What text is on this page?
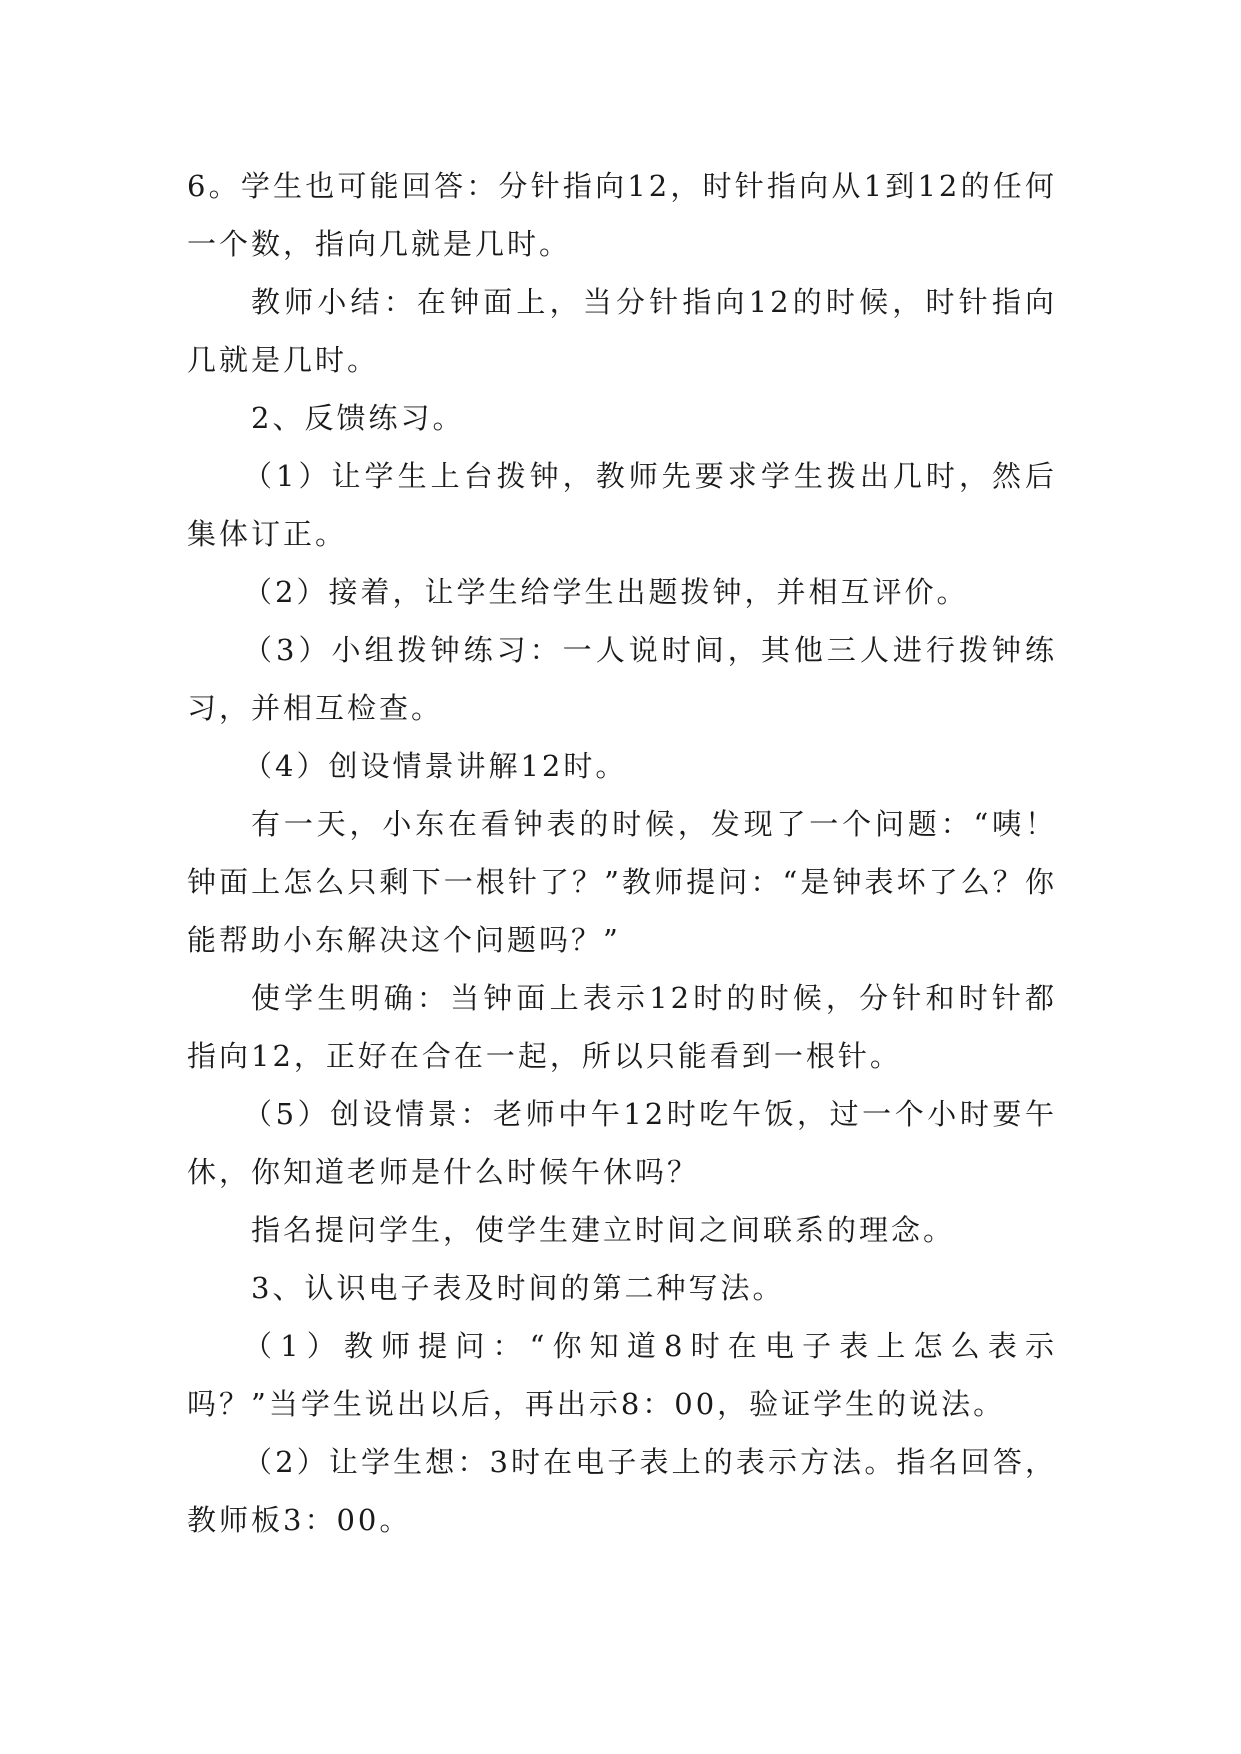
6。学生也可能回答：分针指向12，时针指向从1到12的任何一个数，指向几就是几时。

教师小结：在钟面上，当分针指向12的时候，时针指向几就是几时。

2、反馈练习。

（1）让学生上台拨钟，教师先要求学生拨出几时，然后集体订正。

（2）接着，让学生给学生出题拨钟，并相互评价。

（3）小组拨钟练习：一人说时间，其他三人进行拨钟练习，并相互检查。

（4）创设情景讲解12时。

有一天，小东在看钟表的时候，发现了一个问题：“咦！钟面上怎么只剩下一根针了？”教师提问：“是钟表坏了么？你能帮助小东解决这个问题吗？”

使学生明确：当钟面上表示12时的时候，分针和时针都指向12，正好在合在一起，所以只能看到一根针。

（5）创设情景：老师中午12时吃午饭，过一个小时要午休，你知道老师是什么时候午休吗？

指名提问学生，使学生建立时间之间联系的理念。

3、认识电子表及时间的第二种写法。

（1）教师提问：“你知道8时在电子表上怎么表示吗？”当学生说出以后，再出示8：00，验证学生的说法。

（2）让学生想：3时在电子表上的表示方法。指名回答，教师板3：00。
